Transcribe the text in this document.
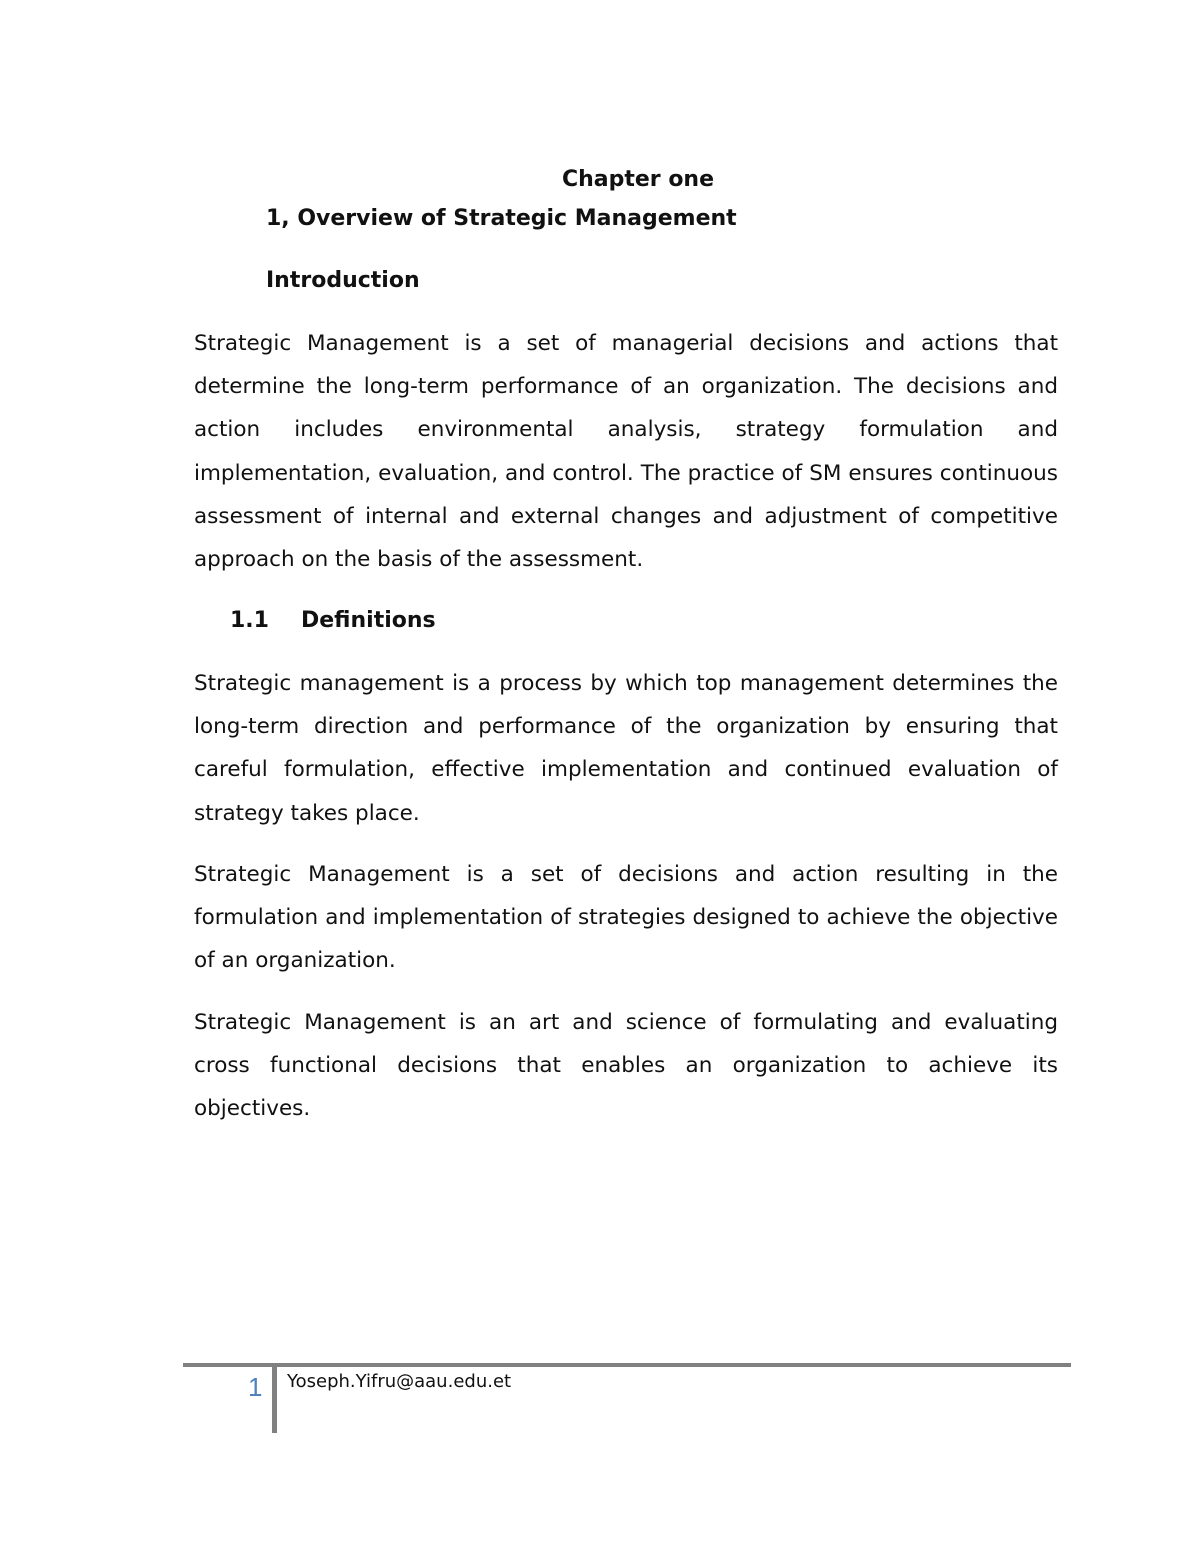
Chapter one
1, Overview of Strategic Management
Introduction

Strategic Management is a set of managerial decisions and actions that determine the long-term performance of an organization. The decisions and action includes environmental analysis, strategy formulation and implementation, evaluation, and control. The practice of SM ensures continuous assessment of internal and external changes and adjustment of competitive approach on the basis of the assessment.

1.1 Definitions

Strategic management is a process by which top management determines the long-term direction and performance of the organization by ensuring that careful formulation, effective implementation and continued evaluation of strategy takes place.

Strategic Management is a set of decisions and action resulting in the formulation and implementation of strategies designed to achieve the objective of an organization.

Strategic Management is an art and science of formulating and evaluating cross functional decisions that enables an organization to achieve its objectives.

1 Yoseph.Yifru@aau.edu.et
